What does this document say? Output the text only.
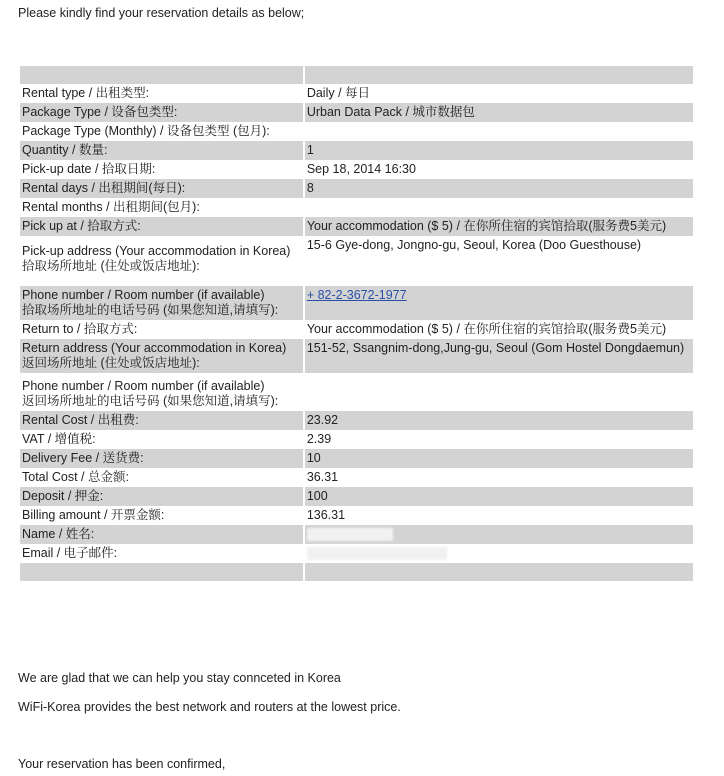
Please kindly find your reservation details as below;

Rental type / 出租类型:	Daily / 每日
Package Type / 设备包类型:	Urban Data Pack / 城市数据包
Package Type (Monthly) / 设备包类型 (包月):	
Quantity / 数量:	1
Pick-up date / 拾取日期:	Sep 18, 2014 16:30
Rental days / 出租期间(每日):	8
Rental months / 出租期间(包月):	
Pick up at / 拾取方式:	Your accommodation ($ 5) / 在你所住宿的宾馆拾取(服务费5美元)

Pick-up address (Your accommodation in Korea)
拾取场所地址 (住处或饭店地址):	15-6 Gye-dong, Jongno-gu, Seoul, Korea (Doo Guesthouse)

Phone number / Room number (if available)
拾取场所地址的电话号码 (如果您知道,请填写):	+ 82-2-3672-1977
Return to / 拾取方式:	Your accommodation ($ 5) / 在你所住宿的宾馆拾取(服务费5美元)

Return address (Your accommodation in Korea)
返回场所地址 (住处或饭店地址):	151-52, Ssangnim-dong,Jung-gu, Seoul (Gom Hostel Dongdaemun)

Phone number / Room number (if available)
返回场所地址的电话号码 (如果您知道,请填写):	

Rental Cost / 出租费:	23.92
VAT / 增值税:	2.39
Delivery Fee / 送货费:	10
Total Cost / 总金额:	36.31
Deposit / 押金:	100
Billing amount / 开票金额:	136.31
Name / 姓名:	
Email / 电子邮件:	

We are glad that we can help you stay connceted in Korea
WiFi-Korea provides the best network and routers at the lowest price.
Your reservation has been confirmed,
